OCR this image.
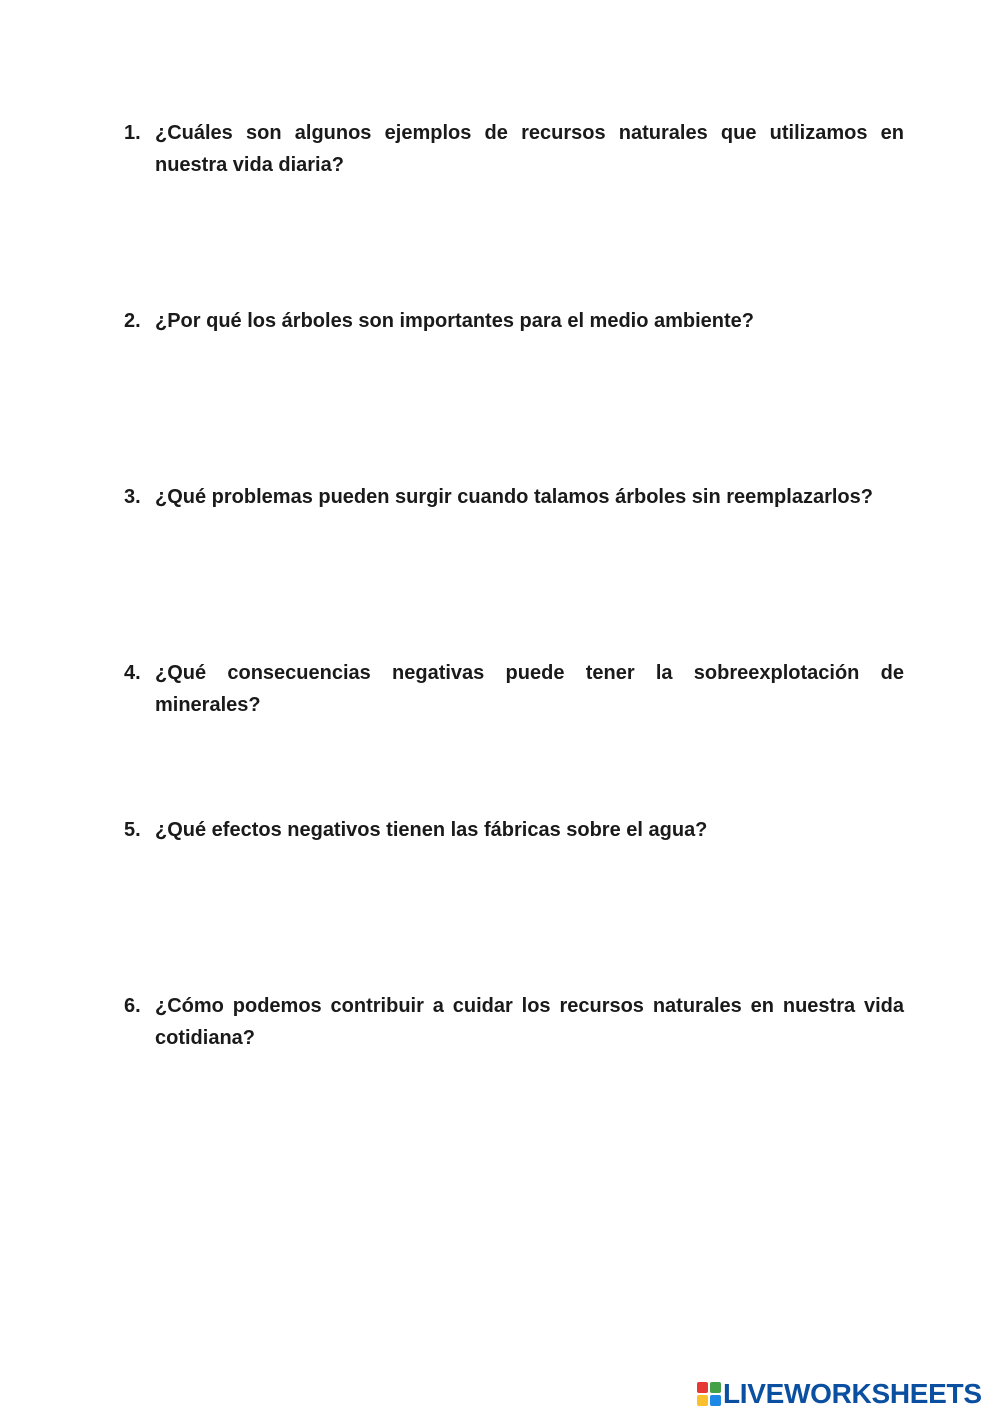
1. ¿Cuáles son algunos ejemplos de recursos naturales que utilizamos en nuestra vida diaria?
2. ¿Por qué los árboles son importantes para el medio ambiente?
3. ¿Qué problemas pueden surgir cuando talamos árboles sin reemplazarlos?
4. ¿Qué consecuencias negativas puede tener la sobreexplotación de minerales?
5. ¿Qué efectos negativos tienen las fábricas sobre el agua?
6. ¿Cómo podemos contribuir a cuidar los recursos naturales en nuestra vida cotidiana?
LIVEWORKSHEETS
